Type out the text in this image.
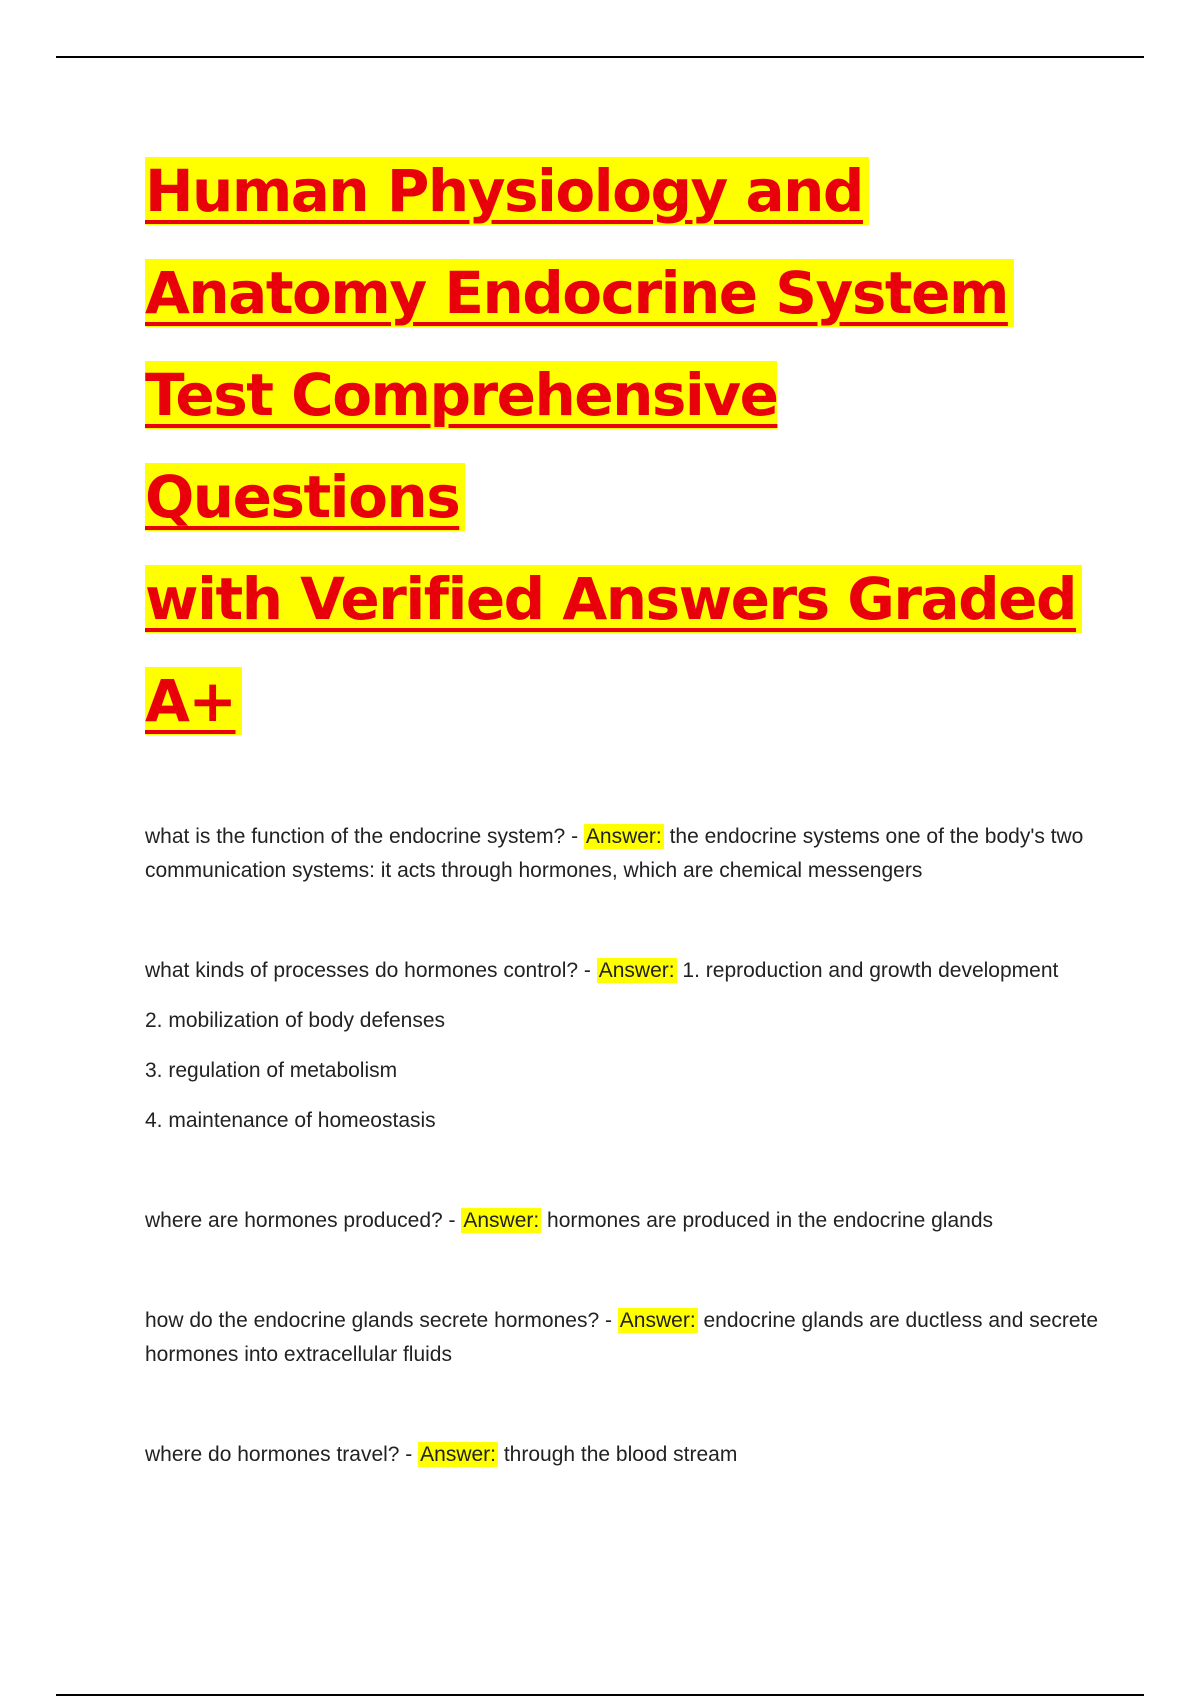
Human Physiology and
Anatomy Endocrine System
Test Comprehensive Questions
with Verified Answers Graded
A+

what is the function of the endocrine system? - Answer: the endocrine systems one of the body's two communication systems: it acts through hormones, which are chemical messengers

what kinds of processes do hormones control? - Answer: 1. reproduction and growth development

2. mobilization of body defenses

3. regulation of metabolism

4. maintenance of homeostasis

where are hormones produced? - Answer: hormones are produced in the endocrine glands

how do the endocrine glands secrete hormones? - Answer: endocrine glands are ductless and secrete hormones into extracellular fluids

where do hormones travel? - Answer: through the blood stream
